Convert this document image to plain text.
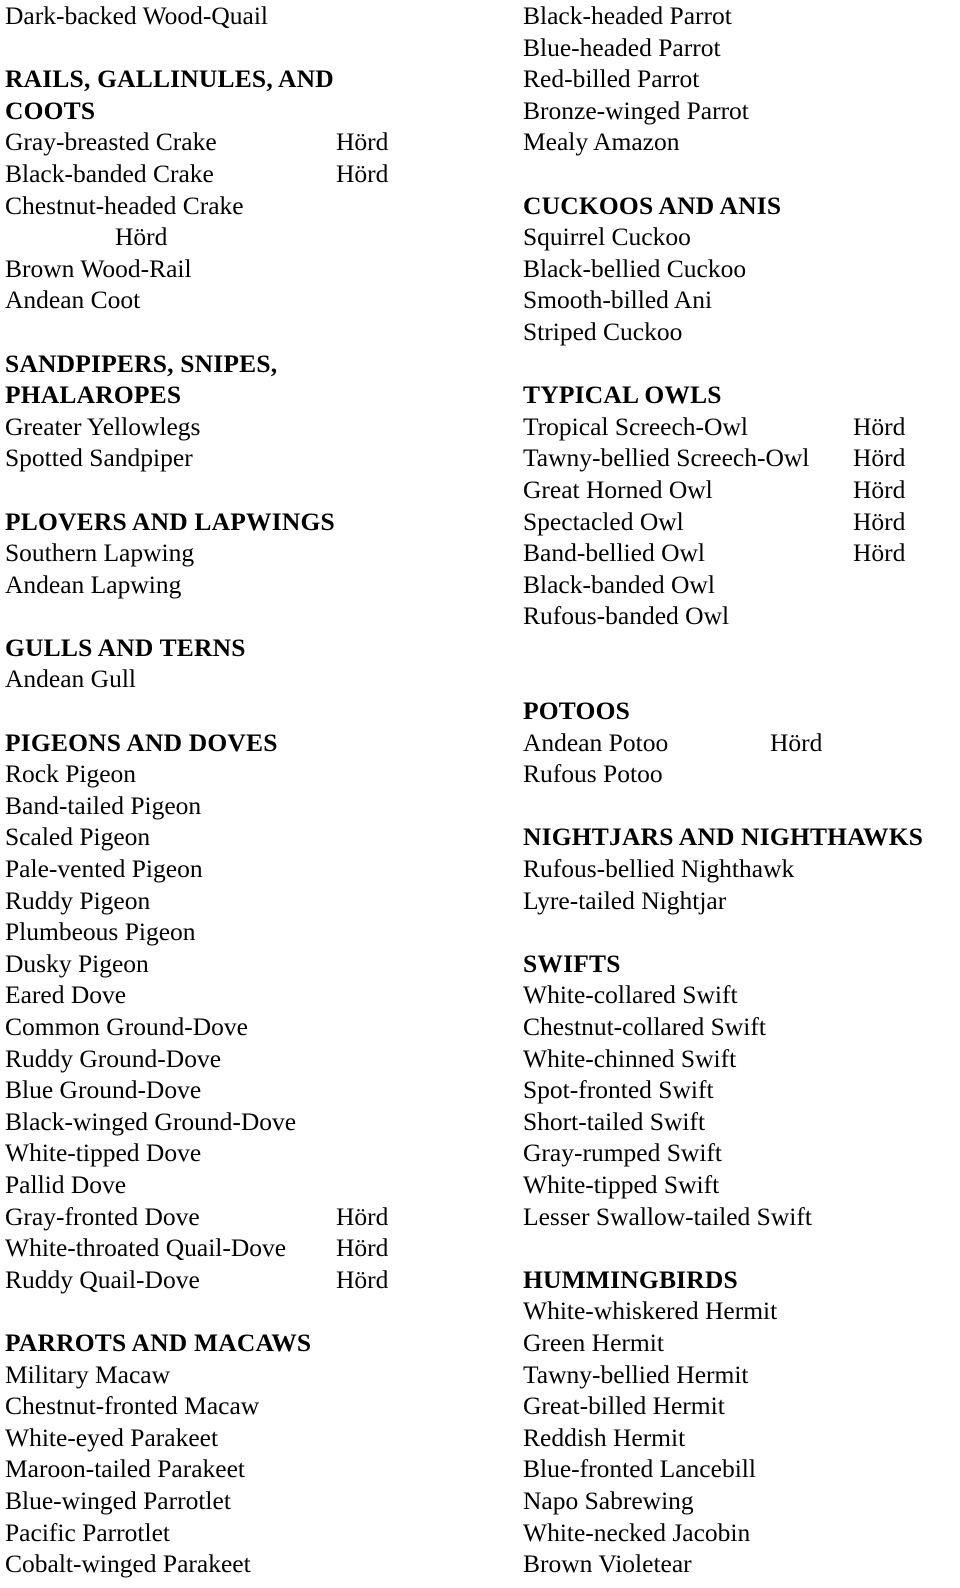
Dark-backed Wood-Quail
RAILS, GALLINULES, AND
COOTS
Gray-breasted Crake	Hörd
Black-banded Crake	Hörd
Chestnut-headed Crake
Hörd
Brown Wood-Rail
Andean Coot
SANDPIPERS, SNIPES,
PHALAROPES
Greater Yellowlegs
Spotted Sandpiper
PLOVERS AND LAPWINGS
Southern Lapwing
Andean Lapwing
GULLS AND TERNS
Andean Gull
PIGEONS AND DOVES
Rock Pigeon
Band-tailed Pigeon
Scaled Pigeon
Pale-vented Pigeon
Ruddy Pigeon
Plumbeous Pigeon
Dusky Pigeon
Eared Dove
Common Ground-Dove
Ruddy Ground-Dove
Blue Ground-Dove
Black-winged Ground-Dove
White-tipped Dove
Pallid Dove
Gray-fronted Dove	Hörd
White-throated Quail-Dove Hörd
Ruddy Quail-Dove	Hörd
PARROTS AND MACAWS
Military Macaw
Chestnut-fronted Macaw
White-eyed Parakeet
Maroon-tailed Parakeet
Blue-winged Parrotlet
Pacific Parrotlet
Cobalt-winged Parakeet
Black-headed Parrot
Blue-headed Parrot
Red-billed Parrot
Bronze-winged Parrot
Mealy Amazon
CUCKOOS AND ANIS
Squirrel Cuckoo
Black-bellied Cuckoo
Smooth-billed Ani
Striped Cuckoo
TYPICAL OWLS
Tropical Screech-Owl	Hörd
Tawny-bellied Screech-Owl Hörd
Great Horned Owl	Hörd
Spectacled Owl	Hörd
Band-bellied Owl	Hörd
Black-banded Owl
Rufous-banded Owl
POTOOS
Andean Potoo	Hörd
Rufous Potoo
NIGHTJARS AND NIGHTHAWKS
Rufous-bellied Nighthawk
Lyre-tailed Nightjar
SWIFTS
White-collared Swift
Chestnut-collared Swift
White-chinned Swift
Spot-fronted Swift
Short-tailed Swift
Gray-rumped Swift
White-tipped Swift
Lesser Swallow-tailed Swift
HUMMINGBIRDS
White-whiskered Hermit
Green Hermit
Tawny-bellied Hermit
Great-billed Hermit
Reddish Hermit
Blue-fronted Lancebill
Napo Sabrewing
White-necked Jacobin
Brown Violetear
